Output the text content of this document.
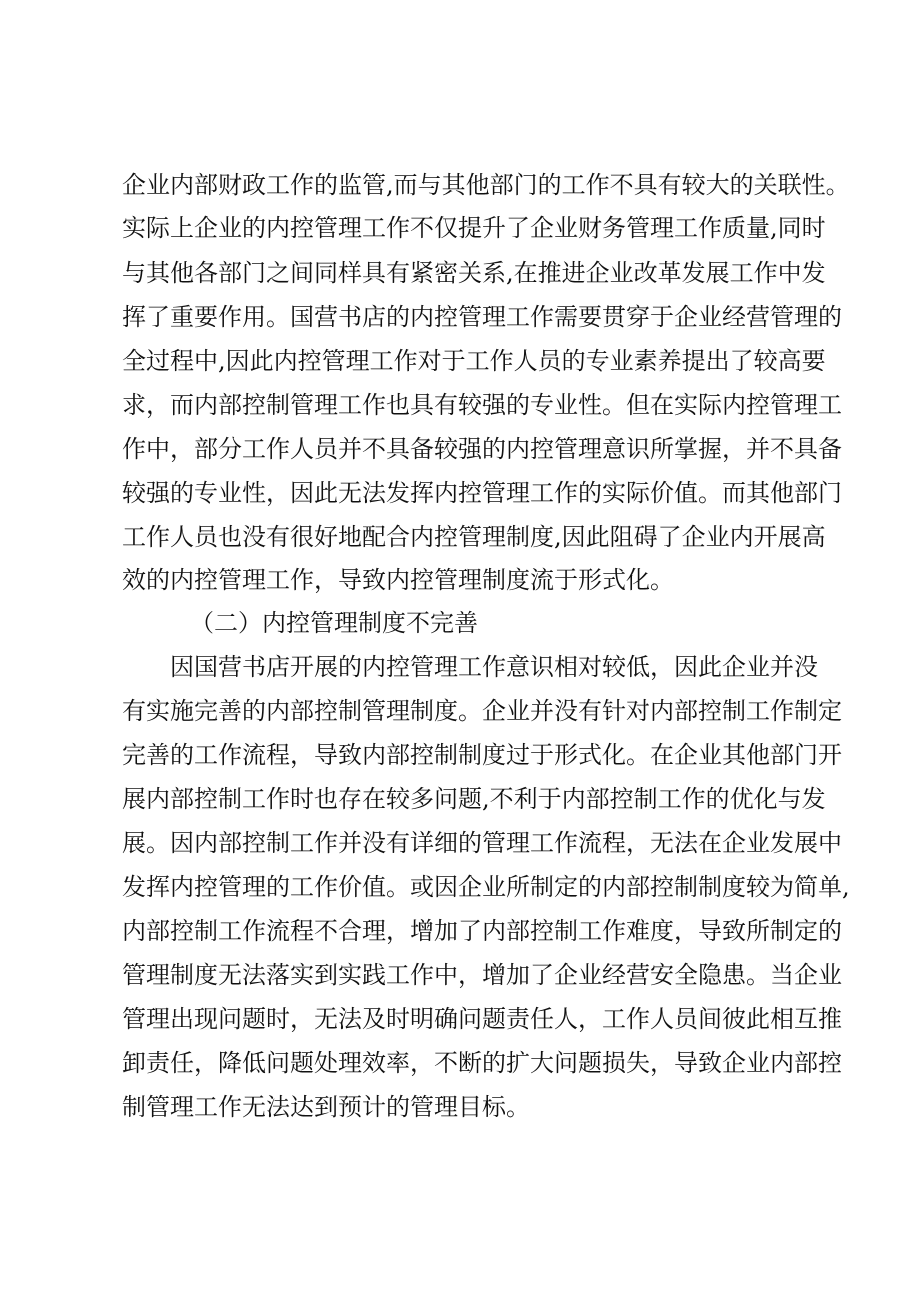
企业内部财政工作的监管,而与其他部门的工作不具有较大的关联性。
实际上企业的内控管理工作不仅提升了企业财务管理工作质量,同时
与其他各部门之间同样具有紧密关系,在推进企业改革发展工作中发
挥了重要作用。国营书店的内控管理工作需要贯穿于企业经营管理的
全过程中,因此内控管理工作对于工作人员的专业素养提出了较高要
求，而内部控制管理工作也具有较强的专业性。但在实际内控管理工
作中，部分工作人员并不具备较强的内控管理意识所掌握，并不具备
较强的专业性，因此无法发挥内控管理工作的实际价值。而其他部门
工作人员也没有很好地配合内控管理制度,因此阻碍了企业内开展高
效的内控管理工作，导致内控管理制度流于形式化。
（二）内控管理制度不完善
因国营书店开展的内控管理工作意识相对较低，因此企业并没
有实施完善的内部控制管理制度。企业并没有针对内部控制工作制定
完善的工作流程，导致内部控制制度过于形式化。在企业其他部门开
展内部控制工作时也存在较多问题,不利于内部控制工作的优化与发
展。因内部控制工作并没有详细的管理工作流程，无法在企业发展中
发挥内控管理的工作价值。或因企业所制定的内部控制制度较为简单,
内部控制工作流程不合理，增加了内部控制工作难度，导致所制定的
管理制度无法落实到实践工作中，增加了企业经营安全隐患。当企业
管理出现问题时，无法及时明确问题责任人，工作人员间彼此相互推
卸责任，降低问题处理效率，不断的扩大问题损失，导致企业内部控
制管理工作无法达到预计的管理目标。
